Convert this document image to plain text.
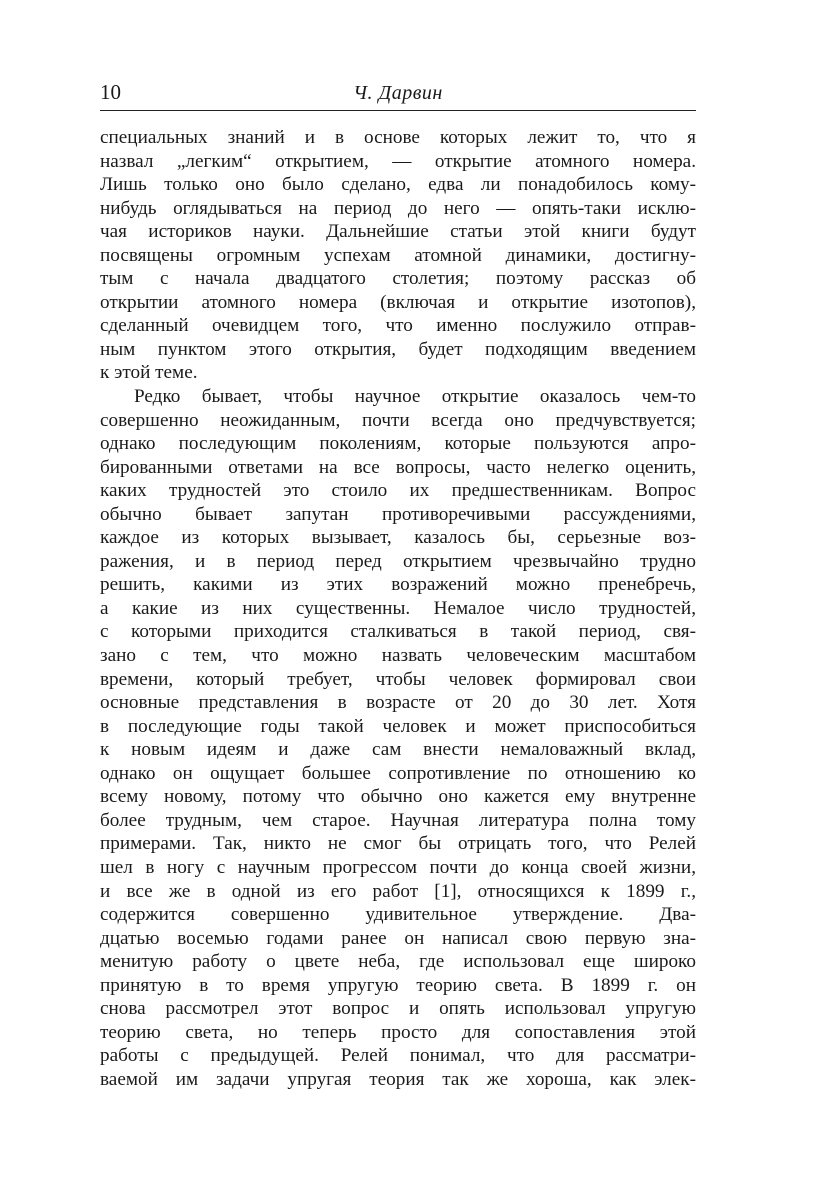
10	Ч. Дарвин
специальных знаний и в основе которых лежит то, что я
назвал „легким“ открытием, — открытие атомного номера.
Лишь только оно было сделано, едва ли понадобилось кому-
нибудь оглядываться на период до него — опять-таки исклю-
чая историков науки. Дальнейшие статьи этой книги будут
посвящены огромным успехам атомной динамики, достигну-
тым с начала двадцатого столетия; поэтому рассказ об
открытии атомного номера (включая и открытие изотопов),
сделанный очевидцем того, что именно послужило отправ-
ным пунктом этого открытия, будет подходящим введением
к этой теме.
Редко бывает, чтобы научное открытие оказалось чем-то
совершенно неожиданным, почти всегда оно предчувствуется;
однако последующим поколениям, которые пользуются апро-
бированными ответами на все вопросы, часто нелегко оценить,
каких трудностей это стоило их предшественникам. Вопрос
обычно бывает запутан противоречивыми рассуждениями,
каждое из которых вызывает, казалось бы, серьезные воз-
ражения, и в период перед открытием чрезвычайно трудно
решить, какими из этих возражений можно пренебречь,
а какие из них существенны. Немалое число трудностей,
с которыми приходится сталкиваться в такой период, свя-
зано с тем, что можно назвать человеческим масштабом
времени, который требует, чтобы человек формировал свои
основные представления в возрасте от 20 до 30 лет. Хотя
в последующие годы такой человек и может приспособиться
к новым идеям и даже сам внести немаловажный вклад,
однако он ощущает большее сопротивление по отношению ко
всему новому, потому что обычно оно кажется ему внутренне
более трудным, чем старое. Научная литература полна тому
примерами. Так, никто не смог бы отрицать того, что Релей
шел в ногу с научным прогрессом почти до конца своей жизни,
и все же в одной из его работ [1], относящихся к 1899 г.,
содержится совершенно удивительное утверждение. Два-
дцатью восемью годами ранее он написал свою первую зна-
менитую работу о цвете неба, где использовал еще широко
принятую в то время упругую теорию света. В 1899 г. он
снова рассмотрел этот вопрос и опять использовал упругую
теорию света, но теперь просто для сопоставления этой
работы с предыдущей. Релей понимал, что для рассматри-
ваемой им задачи упругая теория так же хороша, как элек-
